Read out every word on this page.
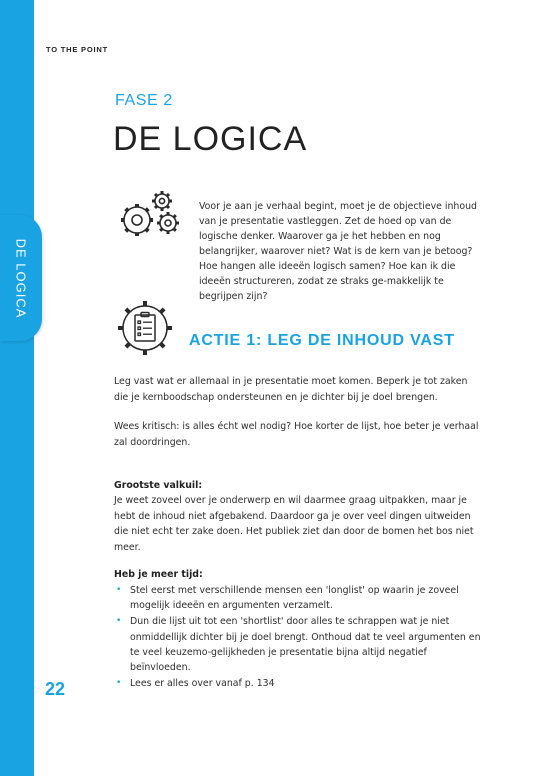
DE LOGICA
TO THE POINT
FASE 2
DE LOGICA

Voor je aan je verhaal begint, moet je de objectieve inhoud van je presentatie vastleggen. Zet de hoed op van de logische denker. Waarover ga je het hebben en nog belangrijker, waarover niet? Wat is de kern van je betoog? Hoe hangen alle ideeën logisch samen? Hoe kan ik die ideeën structureren, zodat ze straks ge-makkelijk te begrijpen zijn?

ACTIE 1: LEG DE INHOUD VAST

Leg vast wat er allemaal in je presentatie moet komen. Beperk je tot zaken die je kernboodschap ondersteunen en je dichter bij je doel brengen.

Wees kritisch: is alles écht wel nodig? Hoe korter de lijst, hoe beter je verhaal zal doordringen.

Grootste valkuil:

Je weet zoveel over je onderwerp en wil daarmee graag uitpakken, maar je hebt de inhoud niet afgebakend. Daardoor ga je over veel dingen uitweiden die niet echt ter zake doen. Het publiek ziet dan door de bomen het bos niet meer.

Heb je meer tijd:
• Stel eerst met verschillende mensen een 'longlist' op waarin je zoveel mogelijk ideeën en argumenten verzamelt.
• Dun die lijst uit tot een 'shortlist' door alles te schrappen wat je niet onmiddellijk dichter bij je doel brengt. Onthoud dat te veel argumenten en te veel keuzemo-gelijkheden je presentatie bijna altijd negatief beïnvloeden.
• Lees er alles over vanaf p. 134
22
